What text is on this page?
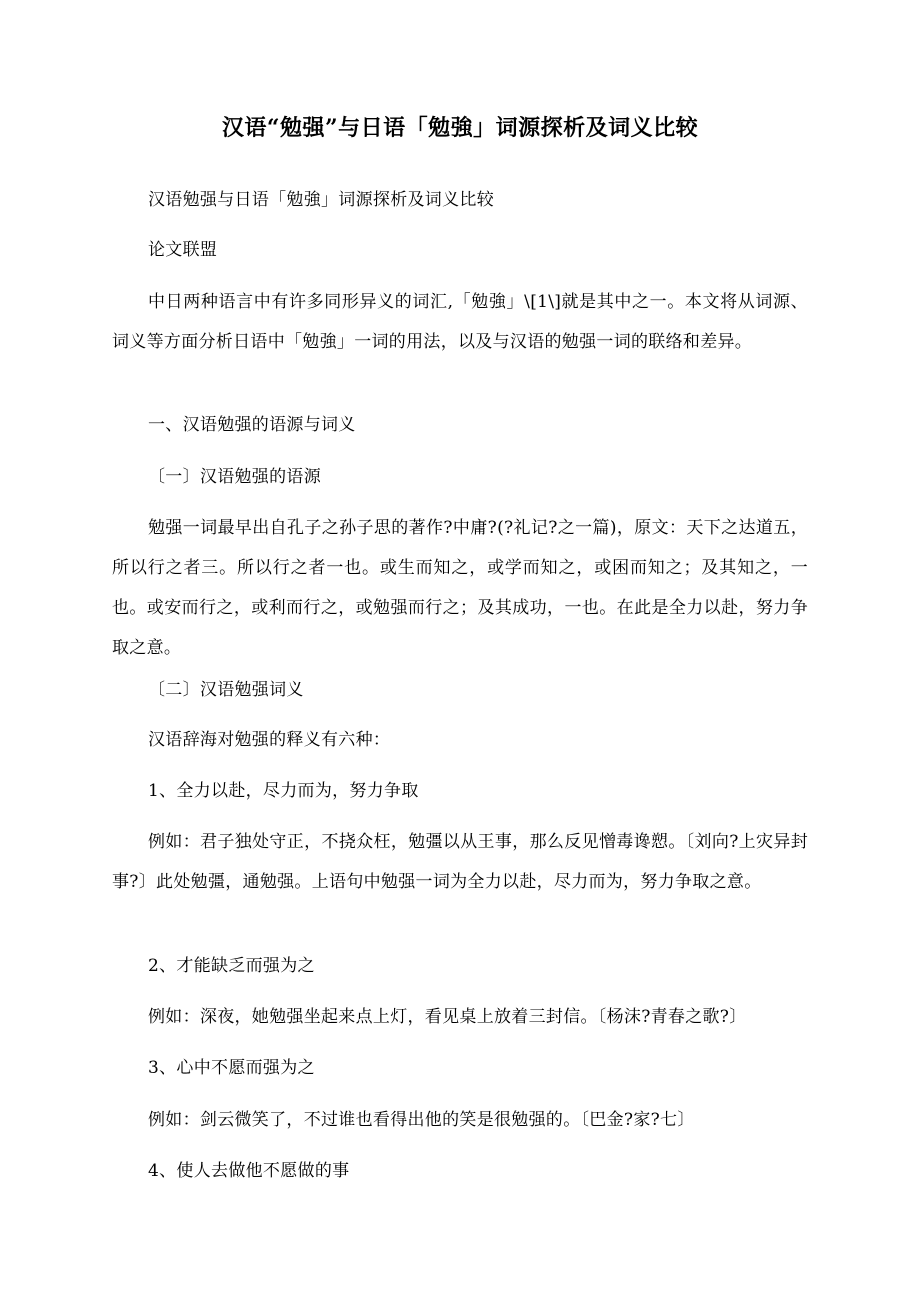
汉语“勉强”与日语「勉強」词源探析及词义比较

汉语勉强与日语「勉強」词源探析及词义比较

论文联盟

中日两种语言中有许多同形异义的词汇,「勉強」\[1\]就是其中之一。本文将从词源、词义等方面分析日语中「勉強」一词的用法，以及与汉语的勉强一词的联络和差异。

一、汉语勉强的语源与词义

〔一〕汉语勉强的语源

勉强一词最早出自孔子之孙子思的著作?中庸?(?礼记?之一篇)，原文：天下之达道五，所以行之者三。所以行之者一也。或生而知之，或学而知之，或困而知之；及其知之，一也。或安而行之，或利而行之，或勉强而行之；及其成功，一也。在此是全力以赴，努力争取之意。

〔二〕汉语勉强词义

汉语辞海对勉强的释义有六种：

1、全力以赴，尽力而为，努力争取

例如：君子独处守正，不挠众枉，勉彊以从王事，那么反见憎毒谗愬。〔刘向?上灾异封事?〕此处勉彊，通勉强。上语句中勉强一词为全力以赴，尽力而为，努力争取之意。

2、才能缺乏而强为之

例如：深夜，她勉强坐起来点上灯，看见桌上放着三封信。〔杨沫?青春之歌?〕

3、心中不愿而强为之

例如：剑云微笑了，不过谁也看得出他的笑是很勉强的。〔巴金?家?七〕

4、使人去做他不愿做的事
